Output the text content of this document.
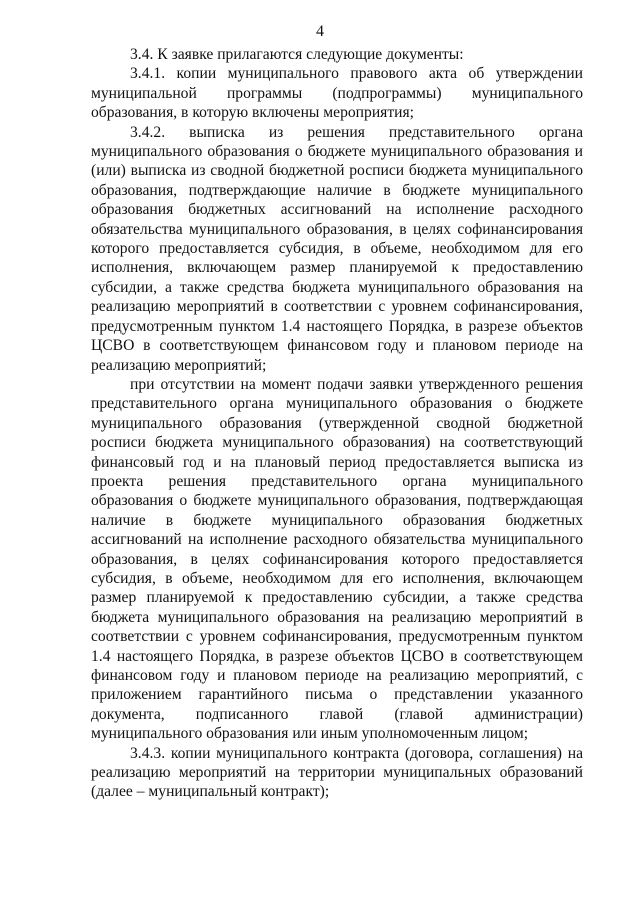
4

3.4. К заявке прилагаются следующие документы:

3.4.1. копии муниципального правового акта об утверждении муниципальной программы (подпрограммы) муниципального образования, в которую включены мероприятия;

3.4.2. выписка из решения представительного органа муниципального образования о бюджете муниципального образования и (или) выписка из сводной бюджетной росписи бюджета муниципального образования, подтверждающие наличие в бюджете муниципального образования бюджетных ассигнований на исполнение расходного обязательства муниципального образования, в целях софинансирования которого предоставляется субсидия, в объеме, необходимом для его исполнения, включающем размер планируемой к предоставлению субсидии, а также средства бюджета муниципального образования на реализацию мероприятий в соответствии с уровнем софинансирования, предусмотренным пунктом 1.4 настоящего Порядка, в разрезе объектов ЦСВО в соответствующем финансовом году и плановом периоде на реализацию мероприятий;

при отсутствии на момент подачи заявки утвержденного решения представительного органа муниципального образования о бюджете муниципального образования (утвержденной сводной бюджетной росписи бюджета муниципального образования) на соответствующий финансовый год и на плановый период предоставляется выписка из проекта решения представительного органа муниципального образования о бюджете муниципального образования, подтверждающая наличие в бюджете муниципального образования бюджетных ассигнований на исполнение расходного обязательства муниципального образования, в целях софинансирования которого предоставляется субсидия, в объеме, необходимом для его исполнения, включающем размер планируемой к предоставлению субсидии, а также средства бюджета муниципального образования на реализацию мероприятий в соответствии с уровнем софинансирования, предусмотренным пунктом 1.4 настоящего Порядка, в разрезе объектов ЦСВО в соответствующем финансовом году и плановом периоде на реализацию мероприятий, с приложением гарантийного письма о представлении указанного документа, подписанного главой (главой администрации) муниципального образования или иным уполномоченным лицом;

3.4.3. копии муниципального контракта (договора, соглашения) на реализацию мероприятий на территории муниципальных образований (далее – муниципальный контракт);
